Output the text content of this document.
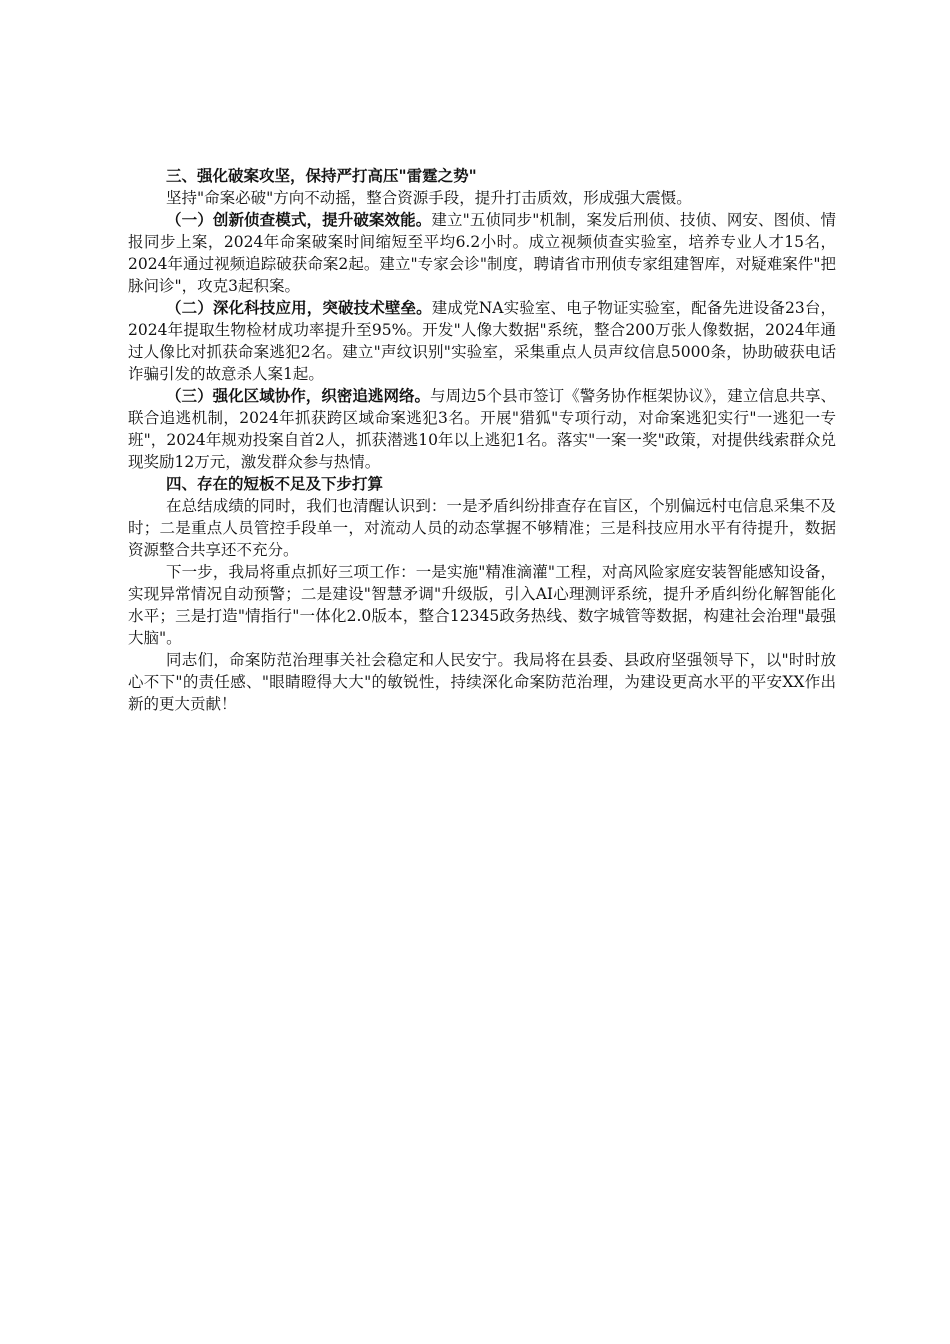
三、强化破案攻坚，保持严打高压"雷霆之势"

坚持"命案必破"方向不动摇，整合资源手段，提升打击质效，形成强大震慑。

（一）创新侦查模式，提升破案效能。建立"五侦同步"机制，案发后刑侦、技侦、网安、图侦、情报同步上案，2024年命案破案时间缩短至平均6.2小时。成立视频侦查实验室，培养专业人才15名，2024年通过视频追踪破获命案2起。建立"专家会诊"制度，聘请省市刑侦专家组建智库，对疑难案件"把脉问诊"，攻克3起积案。

（二）深化科技应用，突破技术壁垒。建成党NA实验室、电子物证实验室，配备先进设备23台，2024年提取生物检材成功率提升至95%。开发"人像大数据"系统，整合200万张人像数据，2024年通过人像比对抓获命案逃犯2名。建立"声纹识别"实验室，采集重点人员声纹信息5000条，协助破获电话诈骗引发的故意杀人案1起。

（三）强化区域协作，织密追逃网络。与周边5个县市签订《警务协作框架协议》，建立信息共享、联合追逃机制，2024年抓获跨区域命案逃犯3名。开展"猎狐"专项行动，对命案逃犯实行"一逃犯一专班"，2024年规劝投案自首2人，抓获潜逃10年以上逃犯1名。落实"一案一奖"政策，对提供线索群众兑现奖励12万元，激发群众参与热情。

四、存在的短板不足及下步打算

在总结成绩的同时，我们也清醒认识到：一是矛盾纠纷排查存在盲区，个别偏远村屯信息采集不及时；二是重点人员管控手段单一，对流动人员的动态掌握不够精准；三是科技应用水平有待提升，数据资源整合共享还不充分。

下一步，我局将重点抓好三项工作：一是实施"精准滴灌"工程，对高风险家庭安装智能感知设备，实现异常情况自动预警；二是建设"智慧矛调"升级版，引入AI心理测评系统，提升矛盾纠纷化解智能化水平；三是打造"情指行"一体化2.0版本，整合12345政务热线、数字城管等数据，构建社会治理"最强大脑"。

同志们，命案防范治理事关社会稳定和人民安宁。我局将在县委、县政府坚强领导下，以"时时放心不下"的责任感、"眼睛瞪得大大"的敏锐性，持续深化命案防范治理，为建设更高水平的平安XX作出新的更大贡献！
